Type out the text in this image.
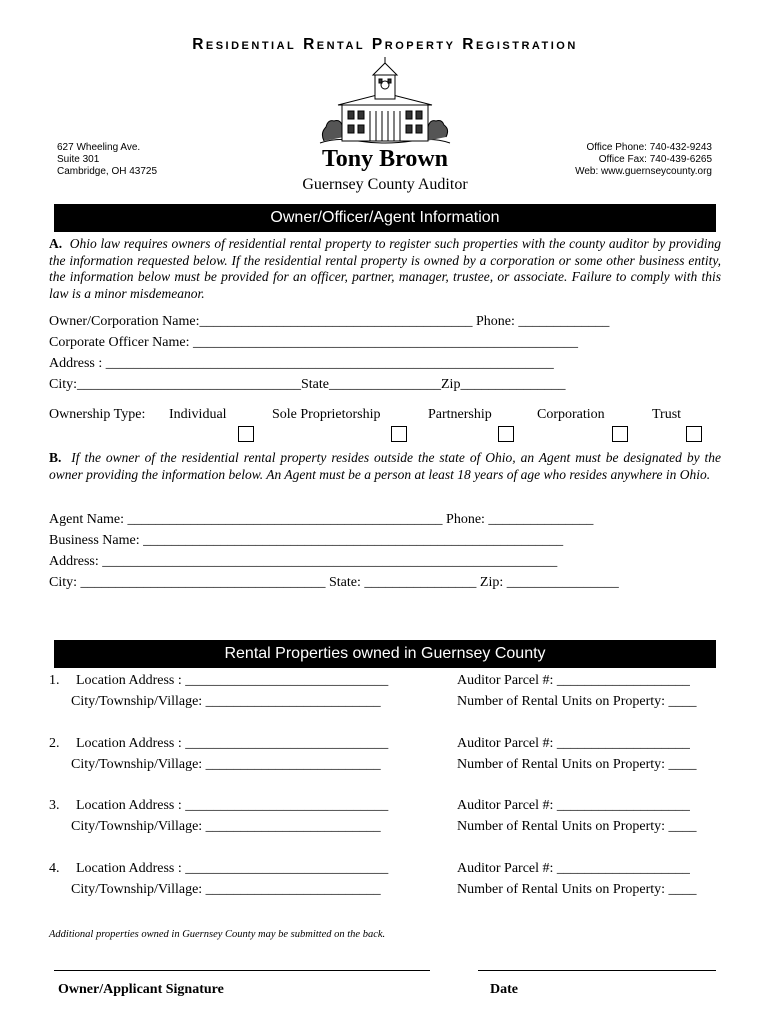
Residential Rental Property Registration
627 Wheeling Ave.
Suite 301
Cambridge, OH 43725
Office Phone: 740-432-9243
Office Fax: 740-439-6265
Web: www.guernseycounty.org
Tony Brown
Guernsey County Auditor
Owner/Officer/Agent Information
A. Ohio law requires owners of residential rental property to register such properties with the county auditor by providing the information requested below. If the residential rental property is owned by a corporation or some other business entity, the information below must be provided for an officer, partner, manager, trustee, or associate. Failure to comply with this law is a minor misdemeanor.
Owner/Corporation Name:_______________________________________ Phone: _____________
Corporate Officer Name: _______________________________________________________
Address : ________________________________________________________________
City:________________________________State________________Zip_______________
Ownership Type: Individual	Sole Proprietorship	Partnership	Corporation	Trust
B. If the owner of the residential rental property resides outside the state of Ohio, an Agent must be designated by the owner providing the information below. An Agent must be a person at least 18 years of age who resides anywhere in Ohio.
Agent Name: _____________________________________________ Phone: _______________
Business Name: ____________________________________________________________
Address: _________________________________________________________________
City: ___________________________________ State: ________________ Zip: ________________
Rental Properties owned in Guernsey County
1. Location Address : _____________________________
City/Township/Village: _________________________
Auditor Parcel #: ___________________
Number of Rental Units on Property: ____
2. Location Address : _____________________________
City/Township/Village: _________________________
Auditor Parcel #: ___________________
Number of Rental Units on Property: ____
3. Location Address : _____________________________
City/Township/Village: _________________________
Auditor Parcel #: ___________________
Number of Rental Units on Property: ____
4. Location Address : _____________________________
City/Township/Village: _________________________
Auditor Parcel #: ___________________
Number of Rental Units on Property: ____
Additional properties owned in Guernsey County may be submitted on the back.
Owner/Applicant Signature	Date
